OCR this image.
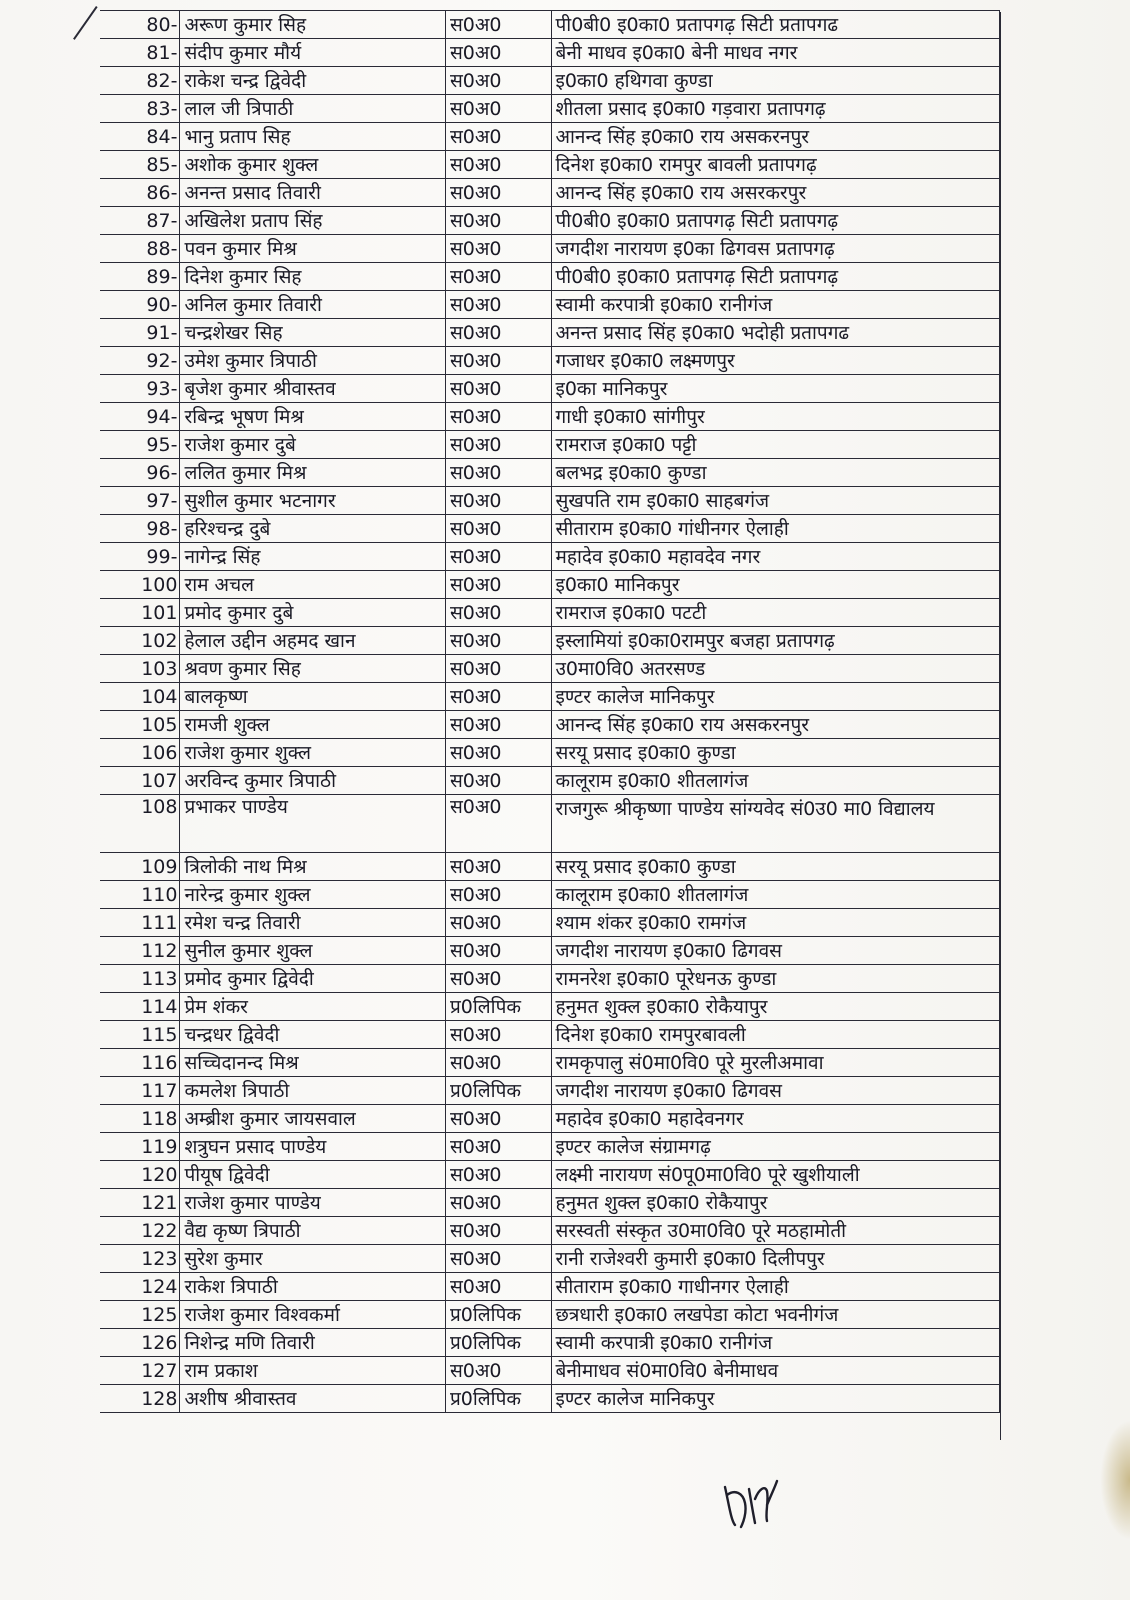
80-	अरूण कुमार सिह	स0अ0	पी0बी0 इ0का0 प्रतापगढ़ सिटी प्रतापगढ
81-	संदीप कुमार मौर्य	स0अ0	बेनी माधव इ0का0 बेनी माधव नगर
82-	राकेश चन्द्र द्विवेदी	स0अ0	इ0का0 हथिगवा कुण्डा
83-	लाल जी त्रिपाठी	स0अ0	शीतला प्रसाद इ0का0 गड़वारा प्रतापगढ़
84-	भानु प्रताप सिह	स0अ0	आनन्द सिंह इ0का0 राय असकरनपुर
85-	अशोक कुमार शुक्ल	स0अ0	दिनेश इ0का0 रामपुर बावली प्रतापगढ़
86-	अनन्त प्रसाद तिवारी	स0अ0	आनन्द सिंह इ0का0 राय असरकरपुर
87-	अखिलेश प्रताप सिंह	स0अ0	पी0बी0 इ0का0 प्रतापगढ़ सिटी प्रतापगढ़
88-	पवन कुमार मिश्र	स0अ0	जगदीश नारायण इ0का ढिगवस प्रतापगढ़
89-	दिनेश कुमार सिह	स0अ0	पी0बी0 इ0का0 प्रतापगढ़ सिटी प्रतापगढ़
90-	अनिल कुमार तिवारी	स0अ0	स्वामी करपात्री इ0का0 रानीगंज
91-	चन्द्रशेखर सिह	स0अ0	अनन्त प्रसाद सिंह इ0का0 भदोही प्रतापगढ
92-	उमेश कुमार त्रिपाठी	स0अ0	गजाधर इ0का0 लक्ष्मणपुर
93-	बृजेश कुमार श्रीवास्तव	स0अ0	इ0का मानिकपुर
94-	रबिन्द्र भूषण मिश्र	स0अ0	गाधी इ0का0 सांगीपुर
95-	राजेश कुमार दुबे	स0अ0	रामराज इ0का0 पट्टी
96-	ललित कुमार मिश्र	स0अ0	बलभद्र इ0का0 कुण्डा
97-	सुशील कुमार भटनागर	स0अ0	सुखपति राम इ0का0 साहबगंज
98-	हरिश्चन्द्र दुबे	स0अ0	सीताराम इ0का0 गांधीनगर ऐलाही
99-	नागेन्द्र सिंह	स0अ0	महादेव इ0का0 महावदेव नगर
100	राम अचल	स0अ0	इ0का0 मानिकपुर
101	प्रमोद कुमार दुबे	स0अ0	रामराज इ0का0 पटटी
102	हेलाल उद्दीन अहमद खान	स0अ0	इस्लामियां इ0का0रामपुर बजहा प्रतापगढ़
103	श्रवण कुमार सिह	स0अ0	उ0मा0वि0 अतरसण्ड
104	बालकृष्ण	स0अ0	इण्टर कालेज मानिकपुर
105	रामजी शुक्ल	स0अ0	आनन्द सिंह इ0का0 राय असकरनपुर
106	राजेश कुमार शुक्ल	स0अ0	सरयू प्रसाद इ0का0 कुण्डा
107	अरविन्द कुमार त्रिपाठी	स0अ0	कालूराम इ0का0 शीतलागंज
108	प्रभाकर पाण्डेय	स0अ0	राजगुरू श्रीकृष्णा पाण्डेय सांग्यवेद सं0उ0 मा0 विद्यालय
109	त्रिलोकी नाथ मिश्र	स0अ0	सरयू प्रसाद इ0का0 कुण्डा
110	नारेन्द्र कुमार शुक्ल	स0अ0	कालूराम इ0का0 शीतलागंज
111	रमेश चन्द्र तिवारी	स0अ0	श्याम शंकर इ0का0 रामगंज
112	सुनील कुमार शुक्ल	स0अ0	जगदीश नारायण इ0का0 ढिगवस
113	प्रमोद कुमार द्विवेदी	स0अ0	रामनरेश इ0का0 पूरेधनऊ कुण्डा
114	प्रेम शंकर	प्र0लिपिक	हनुमत शुक्ल इ0का0 रोकैयापुर
115	चन्द्रधर द्विवेदी	स0अ0	दिनेश इ0का0 रामपुरबावली
116	सच्चिदानन्द मिश्र	स0अ0	रामकृपालु सं0मा0वि0 पूरे मुरलीअमावा
117	कमलेश त्रिपाठी	प्र0लिपिक	जगदीश नारायण इ0का0 ढिगवस
118	अम्ब्रीश कुमार जायसवाल	स0अ0	महादेव इ0का0 महादेवनगर
119	शत्रुघन प्रसाद पाण्डेय	स0अ0	इण्टर कालेज संग्रामगढ़
120	पीयूष द्विवेदी	स0अ0	लक्ष्मी नारायण सं0पू0मा0वि0 पूरे खुशीयाली
121	राजेश कुमार पाण्डेय	स0अ0	हनुमत शुक्ल इ0का0 रोकैयापुर
122	वैद्य कृष्ण त्रिपाठी	स0अ0	सरस्वती संस्कृत उ0मा0वि0 पूरे मठहामोती
123	सुरेश कुमार	स0अ0	रानी राजेश्वरी कुमारी इ0का0 दिलीपपुर
124	राकेश त्रिपाठी	स0अ0	सीताराम इ0का0 गाधीनगर ऐलाही
125	राजेश कुमार विश्वकर्मा	प्र0लिपिक	छत्रधारी इ0का0 लखपेडा कोटा भवनीगंज
126	निशेन्द्र मणि तिवारी	प्र0लिपिक	स्वामी करपात्री इ0का0 रानीगंज
127	राम प्रकाश	स0अ0	बेनीमाधव सं0मा0वि0 बेनीमाधव
128	अशीष श्रीवास्तव	प्र0लिपिक	इण्टर कालेज मानिकपुर
